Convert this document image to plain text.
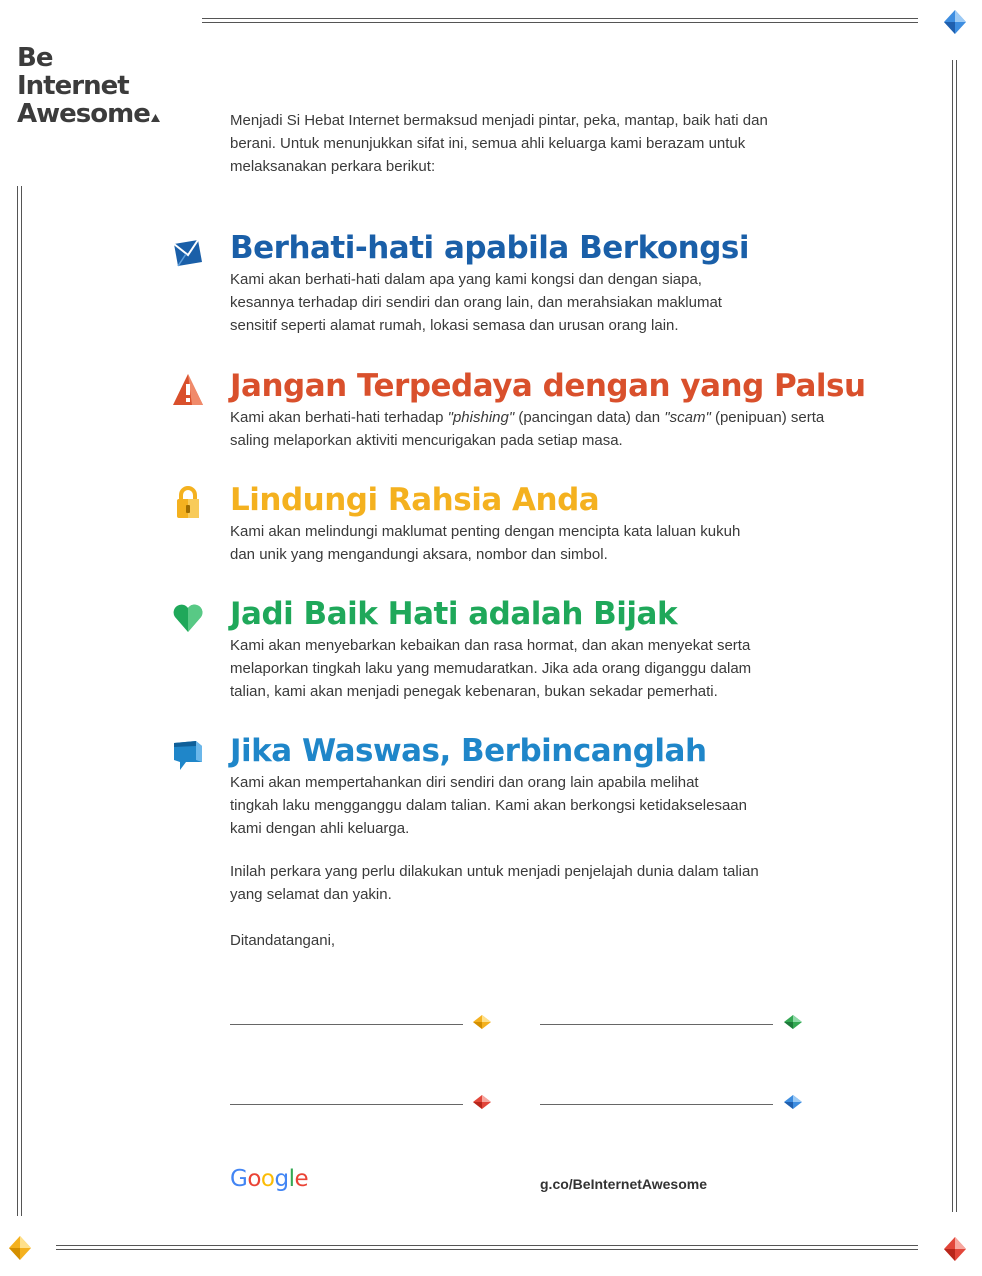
Be
Internet
Awesome	Menjadi Si Hebat Internet bermaksud menjadi pintar, peka, mantap, baik hati dan berani. Untuk menunjukkan sifat ini, semua ahli keluarga kami berazam untuk melaksanakan perkara berikut:
Berhati-hati apabila Berkongsi

Kami akan berhati-hati dalam apa yang kami kongsi dan dengan siapa, kesannya terhadap diri sendiri dan orang lain, dan merahsiakan maklumat sensitif seperti alamat rumah, lokasi semasa dan urusan orang lain.

Jangan Terpedaya dengan yang Palsu

Kami akan berhati-hati terhadap "phishing" (pancingan data) dan "scam" (penipuan) serta saling melaporkan aktiviti mencurigakan pada setiap masa.

Lindungi Rahsia Anda

Kami akan melindungi maklumat penting dengan mencipta kata laluan kukuh dan unik yang mengandungi aksara, nombor dan simbol.

Jadi Baik Hati adalah Bijak

Kami akan menyebarkan kebaikan dan rasa hormat, dan akan menyekat serta melaporkan tingkah laku yang memudaratkan. Jika ada orang diganggu dalam talian, kami akan menjadi penegak kebenaran, bukan sekadar pemerhati.

Jika Waswas, Berbincanglah

Kami akan mempertahankan diri sendiri dan orang lain apabila melihat tingkah laku mengganggu dalam talian. Kami akan berkongsi ketidakselesaan kami dengan ahli keluarga.

Inilah perkara yang perlu dilakukan untuk menjadi penjelajah dunia dalam talian yang selamat dan yakin.
Ditandatangani,
Google	g.co/BeInternetAwesome
